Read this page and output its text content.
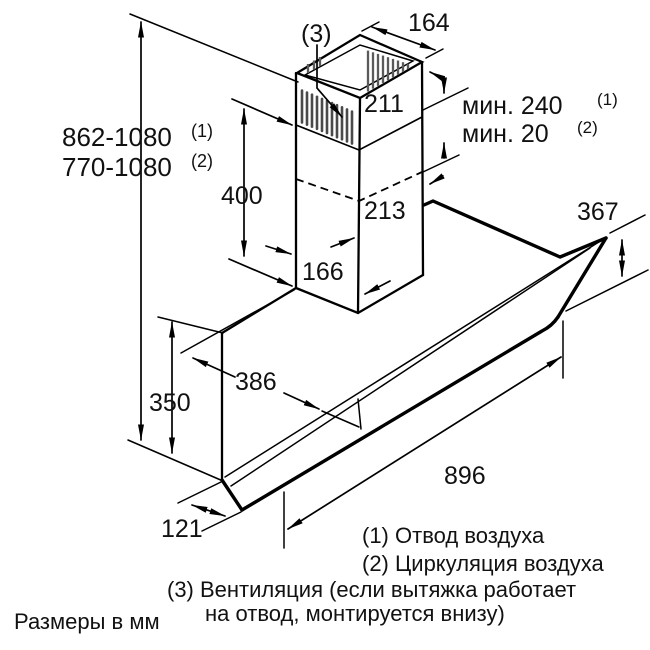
164
(3)
211 мин. 240 (1)
мин. 20 (2)
862-1080 (1)
770-1080 (2)
400
213	367
166
386
350
896
121	(1) Отвод воздуха
(2) Циркуляция воздуха
(3) Вентиляция (если вытяжка работает
на отвод, монтируется внизу)
Размеры в мм
